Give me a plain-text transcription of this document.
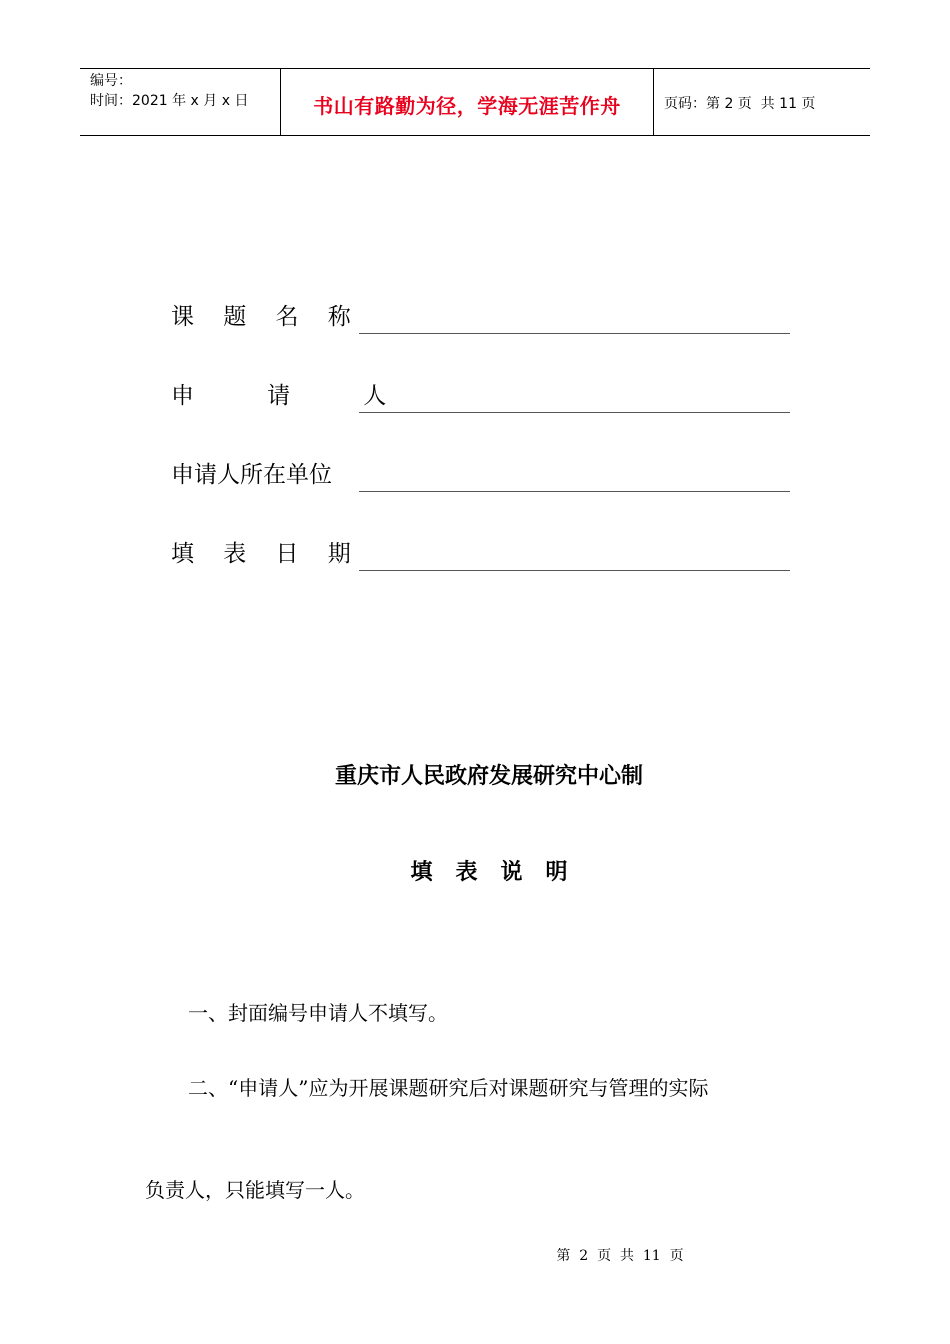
编号：
时间：2021 年 x 月 x 日	书山有路勤为径，学海无涯苦作舟	页码：第 2 页  共 11 页
课    题    名    称
申          请          人
申请人所在单位
填    表    日    期
重庆市人民政府发展研究中心制
填   表   说   明
一、封面编号申请人不填写。
二、“申请人”应为开展课题研究后对课题研究与管理的实际
负责人，只能填写一人。
第  2  页  共  11  页
